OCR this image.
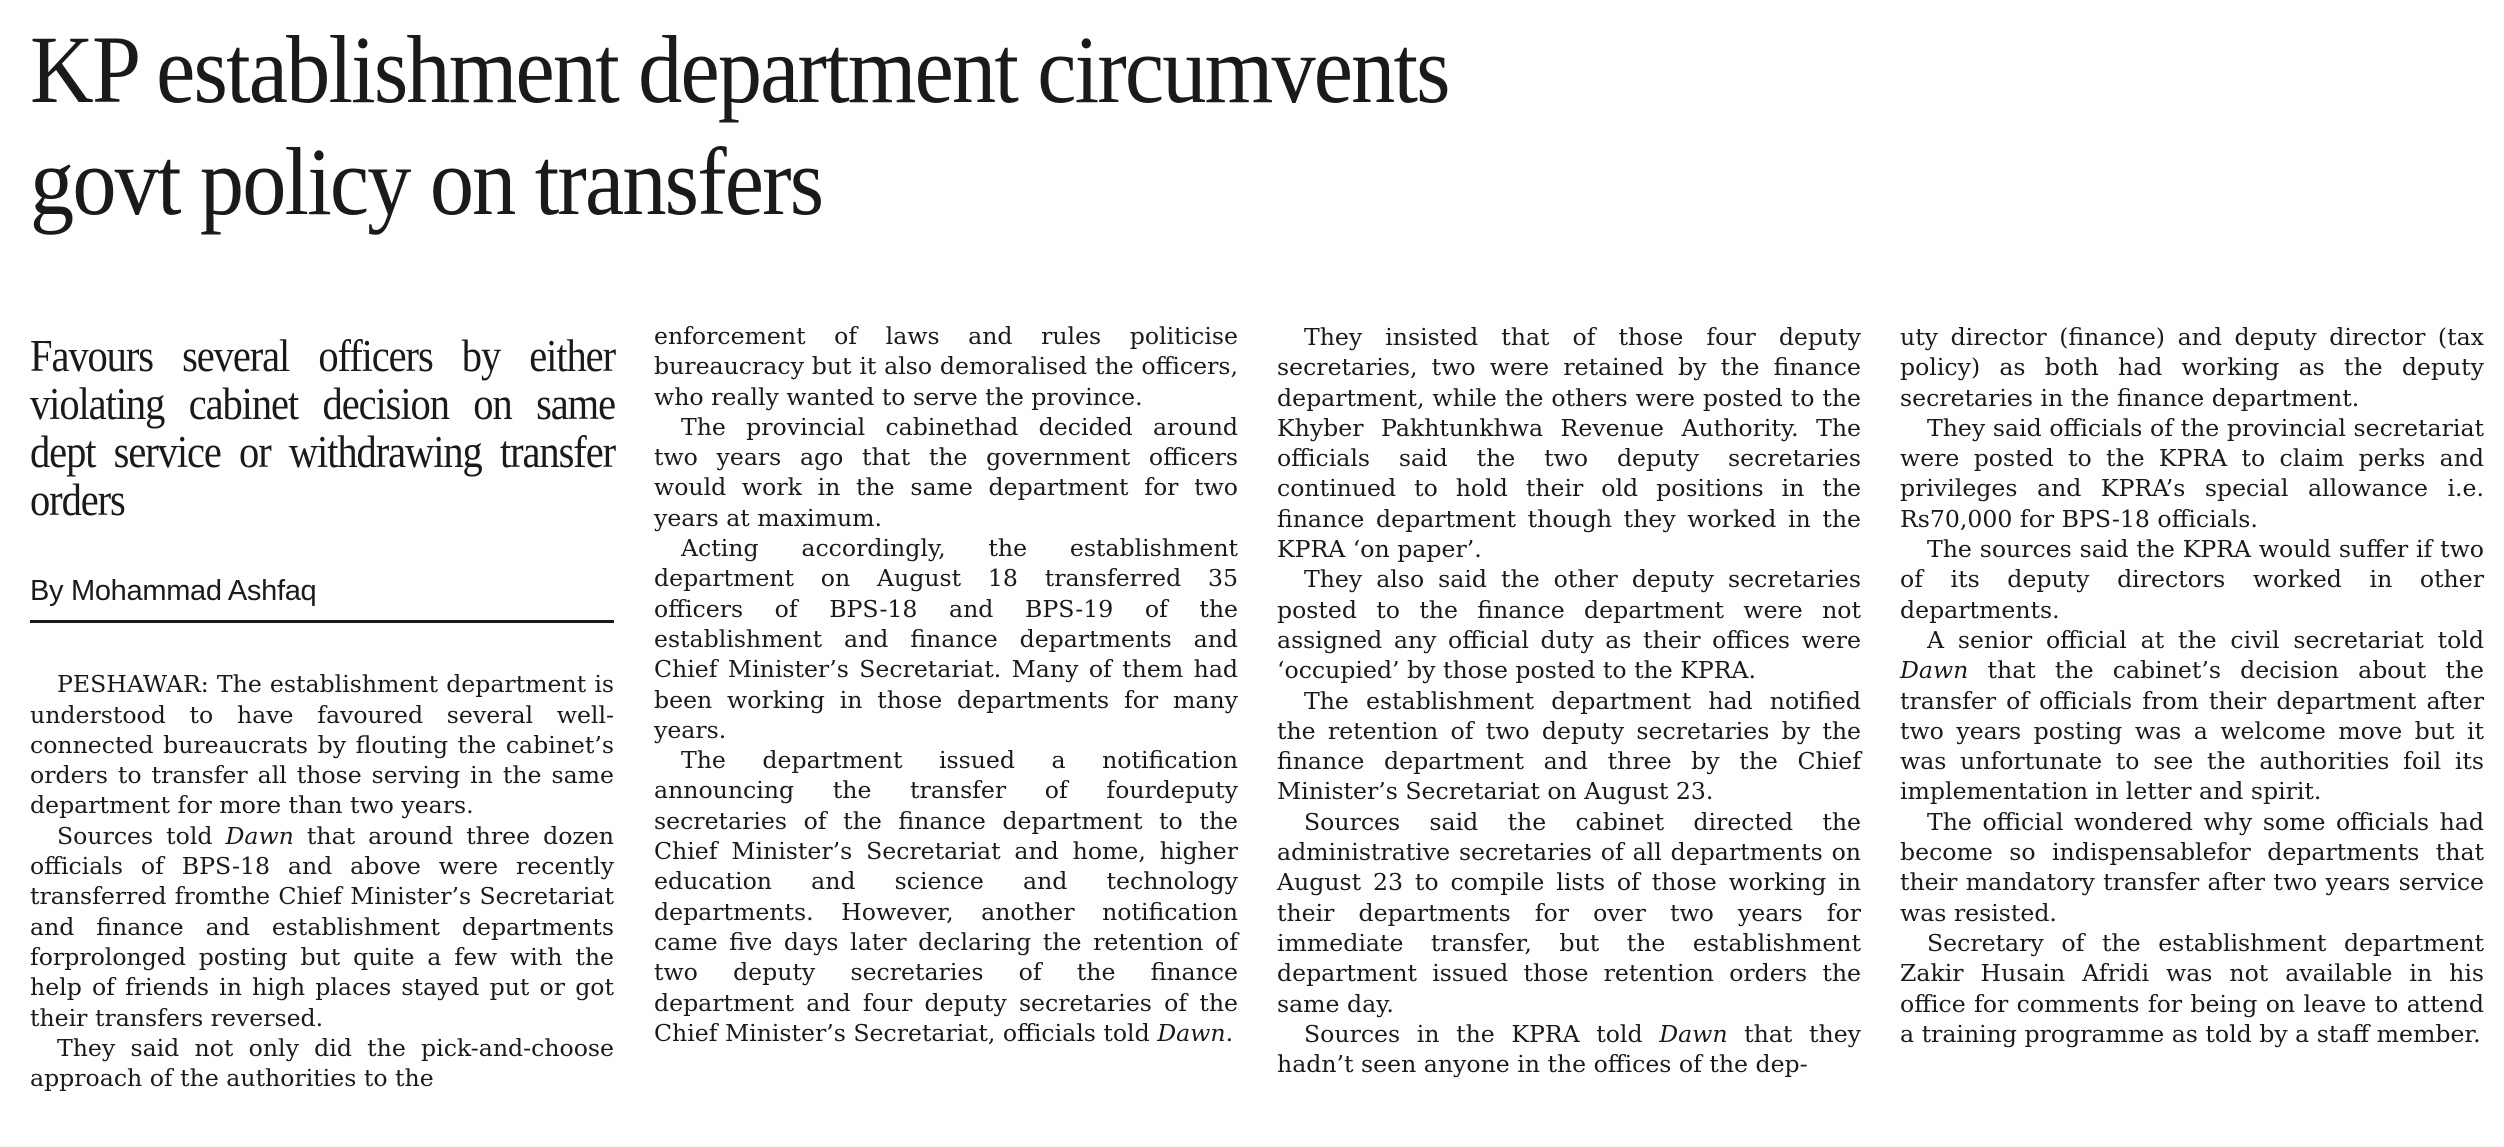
KP establishment department circumvents
govt policy on transfers
Favours several officers by either violating cabinet decision on same dept service or withdrawing transfer orders
By Mohammad Ashfaq

PESHAWAR: The establishment department is understood to have favoured several well-connected bureaucrats by flouting the cabinet’s orders to transfer all those serving in the same department for more than two years.

Sources told Dawn that around three dozen officials of BPS-18 and above were recently transferred fromthe Chief Minister’s Secretariat and finance and establishment departments forprolonged posting but quite a few with the help of friends in high places stayed put or got their transfers reversed.

They said not only did the pick-and-choose approach of the authorities to the

enforcement of laws and rules politicise bureaucracy but it also demoralised the officers, who really wanted to serve the province.

The provincial cabinethad decided around two years ago that the government officers would work in the same department for two years at maximum.

Acting accordingly, the establishment department on August 18 transferred 35 officers of BPS-18 and BPS-19 of the establishment and finance departments and Chief Minister’s Secretariat. Many of them had been working in those departments for many years.

The department issued a notification announcing the transfer of fourdeputy secretaries of the finance department to the Chief Minister’s Secretariat and home, higher education and science and technology departments. However, another notification came five days later declaring the retention of two deputy secretaries of the finance department and four deputy secretaries of the Chief Minister’s Secretariat, officials told Dawn.

They insisted that of those four deputy secretaries, two were retained by the finance department, while the others were posted to the Khyber Pakhtunkhwa Revenue Authority. The officials said the two deputy secretaries continued to hold their old positions in the finance department though they worked in the KPRA ‘on paper’.

They also said the other deputy secretaries posted to the finance department were not assigned any official duty as their offices were ‘occupied’ by those posted to the KPRA.

The establishment department had notified the retention of two deputy secretaries by the finance department and three by the Chief Minister’s Secretariat on August 23.

Sources said the cabinet directed the administrative secretaries of all departments on August 23 to compile lists of those working in their departments for over two years for immediate transfer, but the establishment department issued those retention orders the same day.

Sources in the KPRA told Dawn that they hadn’t seen anyone in the offices of the dep-

uty director (finance) and deputy director (tax policy) as both had working as the deputy secretaries in the finance department.

They said officials of the provincial secretariat were posted to the KPRA to claim perks and privileges and KPRA’s special allowance i.e. Rs70,000 for BPS-18 officials.

The sources said the KPRA would suffer if two of its deputy directors worked in other departments.

A senior official at the civil secretariat told Dawn that the cabinet’s decision about the transfer of officials from their department after two years posting was a welcome move but it was unfortunate to see the authorities foil its implementation in letter and spirit.

The official wondered why some officials had become so indispensablefor departments that their mandatory transfer after two years service was resisted.

Secretary of the establishment department Zakir Husain Afridi was not available in his office for comments for being on leave to attend a training programme as told by a staff member.
